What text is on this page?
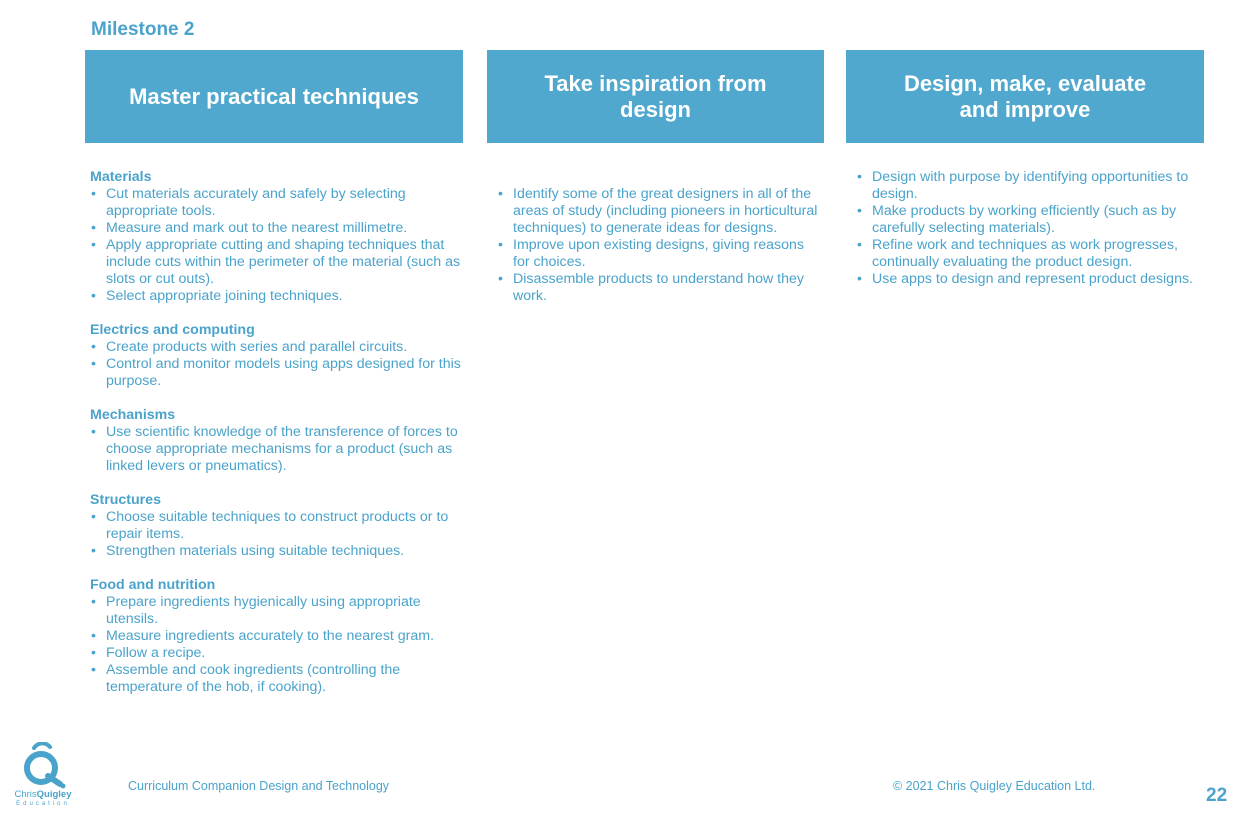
Milestone 2
Master practical techniques
Take inspiration from design
Design, make, evaluate
and improve
Materials
• Cut materials accurately and safely by selecting appropriate tools.
• Measure and mark out to the nearest millimetre.
• Apply appropriate cutting and shaping techniques that include cuts within the perimeter of the material (such as slots or cut outs).
• Select appropriate joining techniques.
Electrics and computing
• Create products with series and parallel circuits.
• Control and monitor models using apps designed for this purpose.
Mechanisms
• Use scientific knowledge of the transference of forces to choose appropriate mechanisms for a product (such as linked levers or pneumatics).
Structures
• Choose suitable techniques to construct products or to repair items.
• Strengthen materials using suitable techniques.
Food and nutrition
• Prepare ingredients hygienically using appropriate utensils.
• Measure ingredients accurately to the nearest gram.
• Follow a recipe.
• Assemble and cook ingredients (controlling the temperature of the hob, if cooking).
• Identify some of the great designers in all of the areas of study (including pioneers in horticultural techniques) to generate ideas for designs.
• Improve upon existing designs, giving reasons for choices.
• Disassemble products to understand how they work.
• Design with purpose by identifying opportunities to design.
• Make products by working efficiently (such as by carefully selecting materials).
• Refine work and techniques as work progresses, continually evaluating the product design.
• Use apps to design and represent product designs.
ChrisQuigley
Education
Curriculum Companion Design and Technology	© 2021 Chris Quigley Education Ltd.	22
